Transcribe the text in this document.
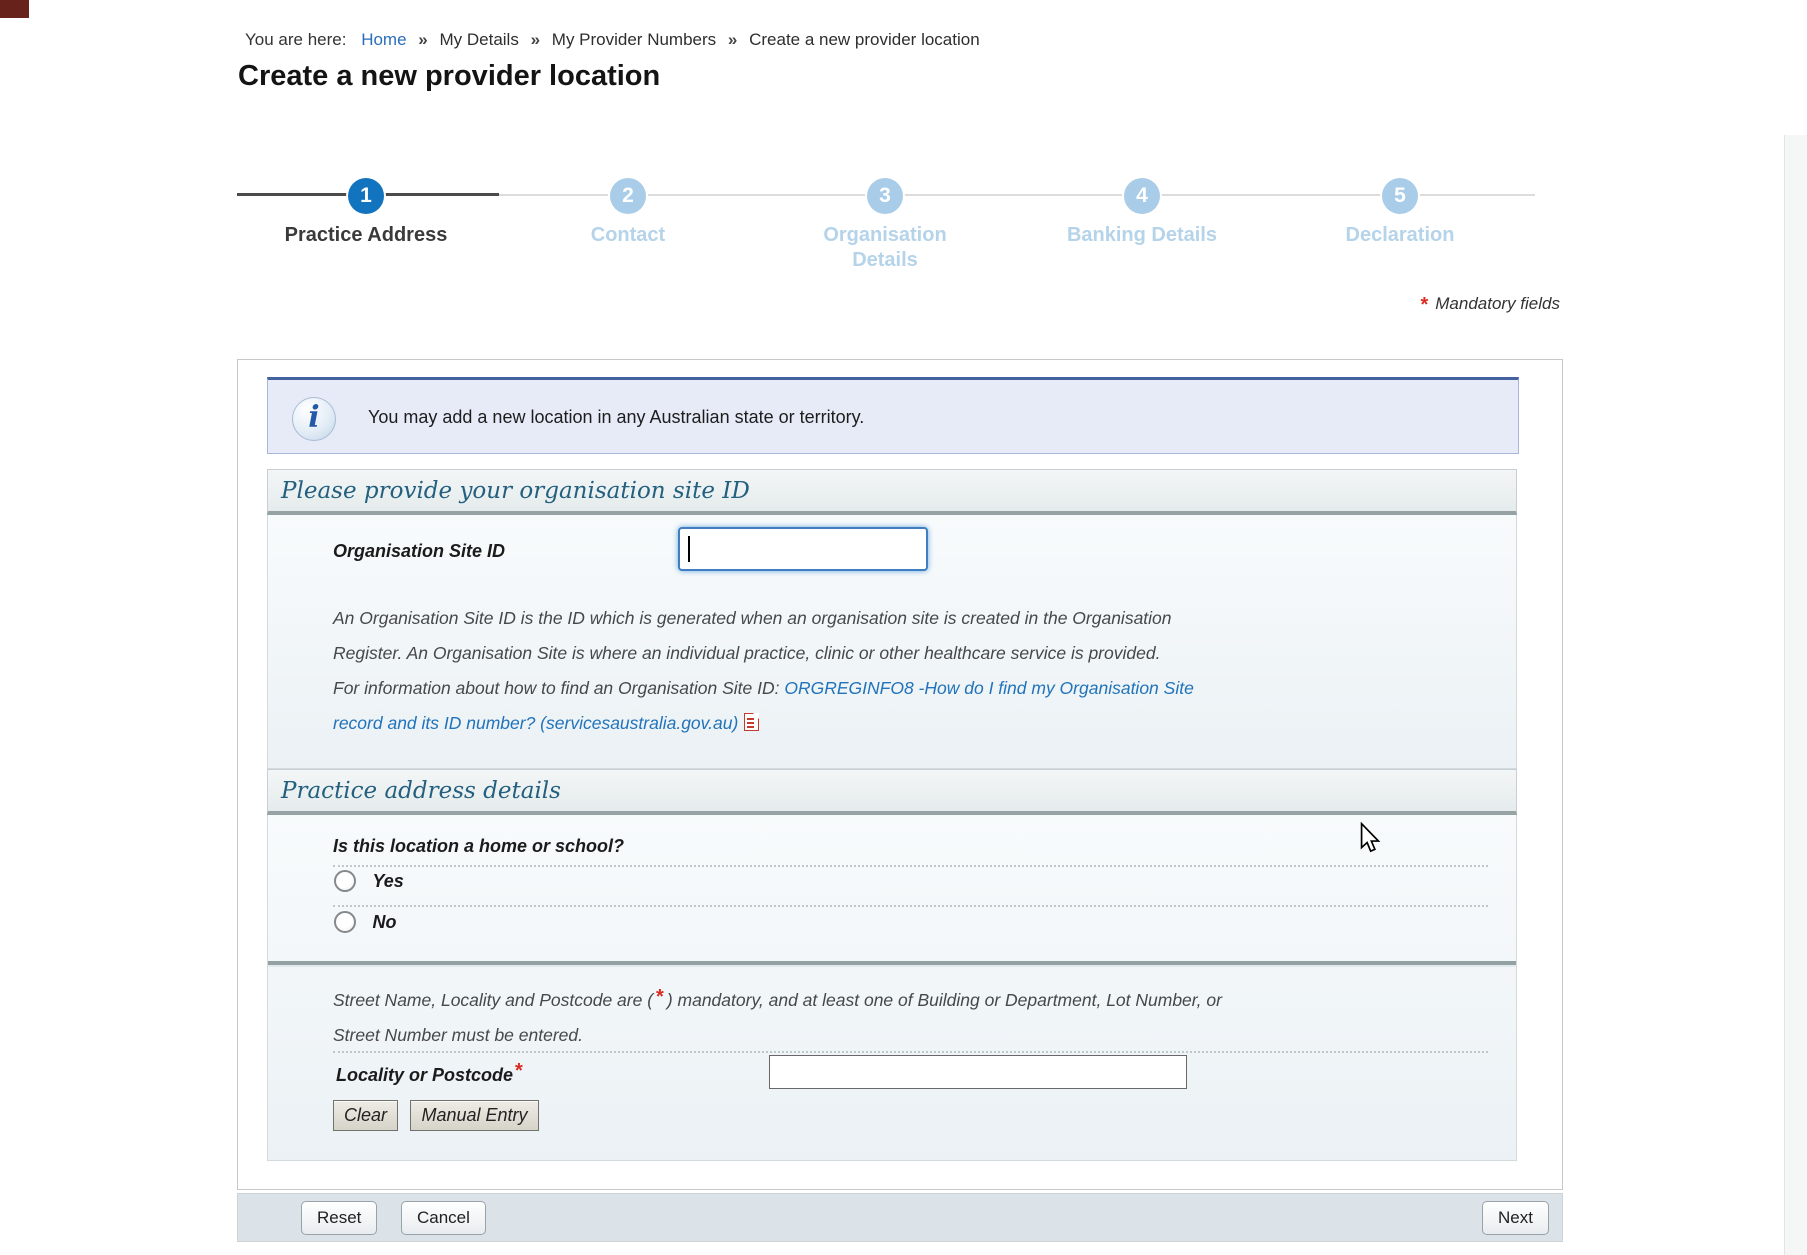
You are here: Home » My Details » My Provider Numbers » Create a new provider location
Create a new provider location
1
Practice Address
2
Contact
3
Organisation Details
4
Banking Details
5
Declaration
* Mandatory fields
i	You may add a new location in any Australian state or territory.
Please provide your organisation site ID
Organisation Site ID
An Organisation Site ID is the ID which is generated when an organisation site is created in the Organisation
Register. An Organisation Site is where an individual practice, clinic or other healthcare service is provided.
For information about how to find an Organisation Site ID: ORGREGINFO8 -How do I find my Organisation Site
record and its ID number? (servicesaustralia.gov.au)
Practice address details
Is this location a home or school?
Yes
No
Street Name, Locality and Postcode are ( * ) mandatory, and at least one of Building or Department, Lot Number, or
Street Number must be entered.
Locality or Postcode *
Clear Manual Entry
Reset	Cancel	Next
